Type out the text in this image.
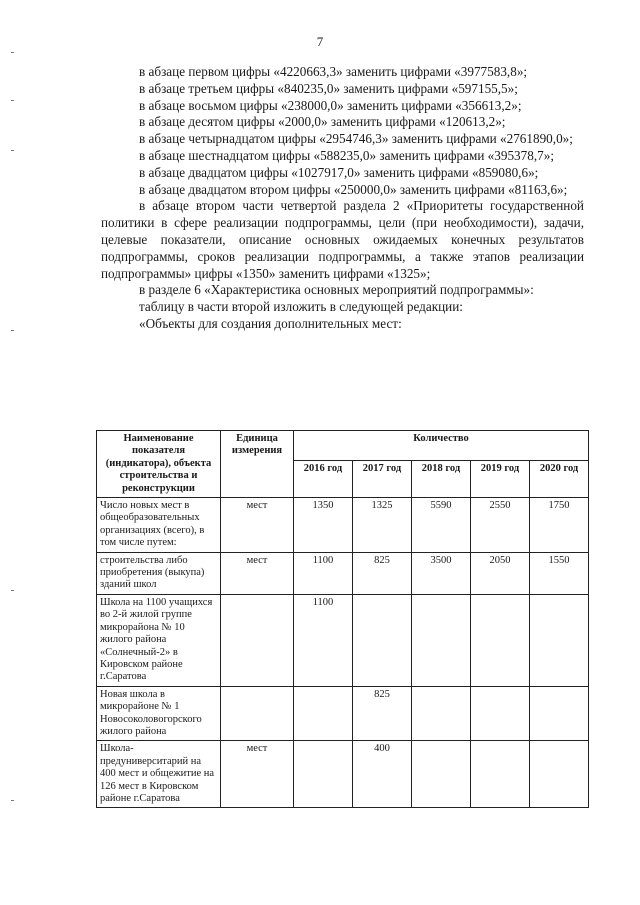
7

в абзаце первом цифры «4220663,3» заменить цифрами «3977583,8»;

в абзаце третьем цифры «840235,0» заменить цифрами «597155,5»;

в абзаце восьмом цифры «238000,0» заменить цифрами «356613,2»;

в абзаце десятом цифры «2000,0» заменить цифрами «120613,2»;

в абзаце четырнадцатом цифры «2954746,3» заменить цифрами «2761890,0»;

в абзаце шестнадцатом цифры «588235,0» заменить цифрами «395378,7»;

в абзаце двадцатом цифры «1027917,0» заменить цифрами «859080,6»;

в абзаце двадцатом втором цифры «250000,0» заменить цифрами «81163,6»;

в абзаце втором части четвертой раздела 2 «Приоритеты государственной политики в сфере реализации подпрограммы, цели (при необходимости), задачи, целевые показатели, описание основных ожидаемых конечных результатов подпрограммы, сроков реализации подпрограммы, а также этапов реализации подпрограммы» цифры «1350» заменить цифрами «1325»;

в разделе 6 «Характеристика основных мероприятий подпрограммы»:

таблицу в части второй изложить в следующей редакции:

«Объекты для создания дополнительных мест:

Наименование показателя (индикатора), объекта строительства и реконструкции	Единица измерения	Количество				
		2016 год	2017 год	2018 год	2019 год	2020 год
Число новых мест в общеобразовательных организациях (всего), в том числе путем:	мест	1350	1325	5590	2550	1750
строительства либо приобретения (выкупа) зданий школ	мест	1100	825	3500	2050	1550
Школа на 1100 учащихся во 2-й жилой группе микрорайона № 10 жилого района «Солнечный-2» в Кировском районе г.Саратова		1100				
Новая школа в микрорайоне № 1 Новосоколовогорского жилого района			825			
Школа-предуниверситарий на 400 мест и общежитие на 126 мест в Кировском районе г.Саратова	мест		400			
